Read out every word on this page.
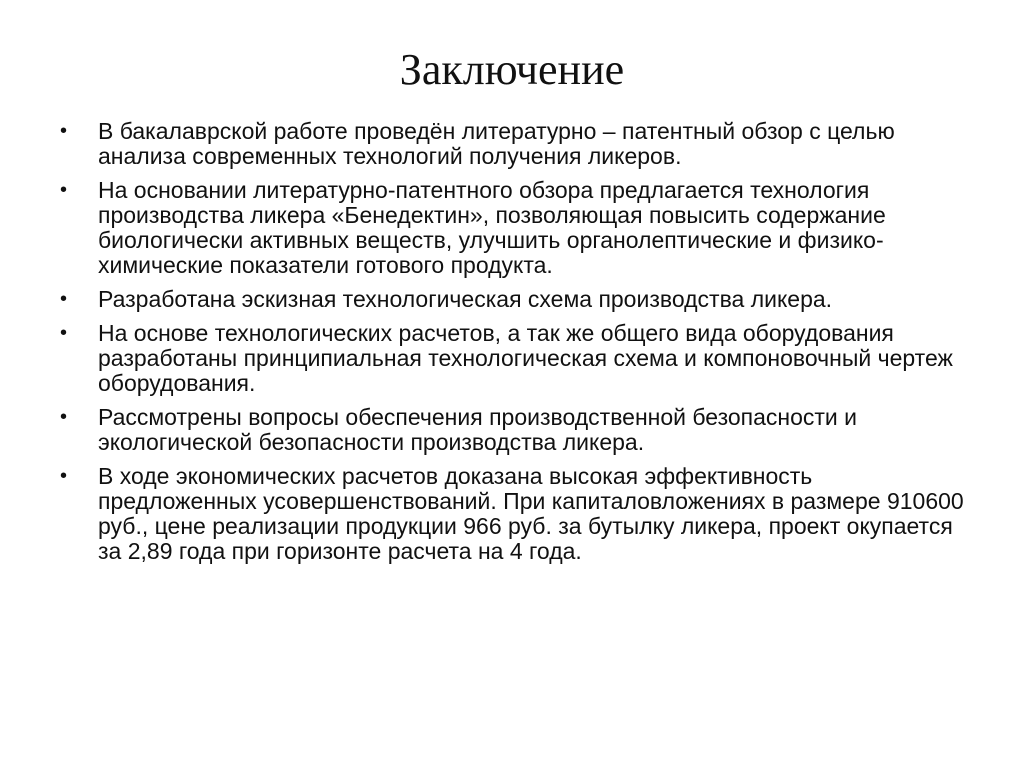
Заключение
•	В бакалаврской работе проведён литературно – патентный обзор с целью анализа современных технологий получения ликеров.
•	На основании литературно-патентного обзора предлагается технология производства ликера «Бенедектин», позволяющая повысить содержание биологически активных веществ, улучшить органолептические и физико-химические показатели готового продукта.
•	Разработана эскизная технологическая схема производства ликера.
•	На основе технологических расчетов, а так же общего вида оборудования разработаны принципиальная технологическая схема и компоновочный чертеж оборудования.
•	Рассмотрены вопросы обеспечения производственной безопасности и экологической безопасности производства ликера.
•	В ходе экономических расчетов доказана высокая эффективность предложенных усовершенствований. При капиталовложениях в размере 910600 руб., цене реализации продукции 966 руб. за бутылку ликера, проект окупается за 2,89 года при горизонте расчета на 4 года.
